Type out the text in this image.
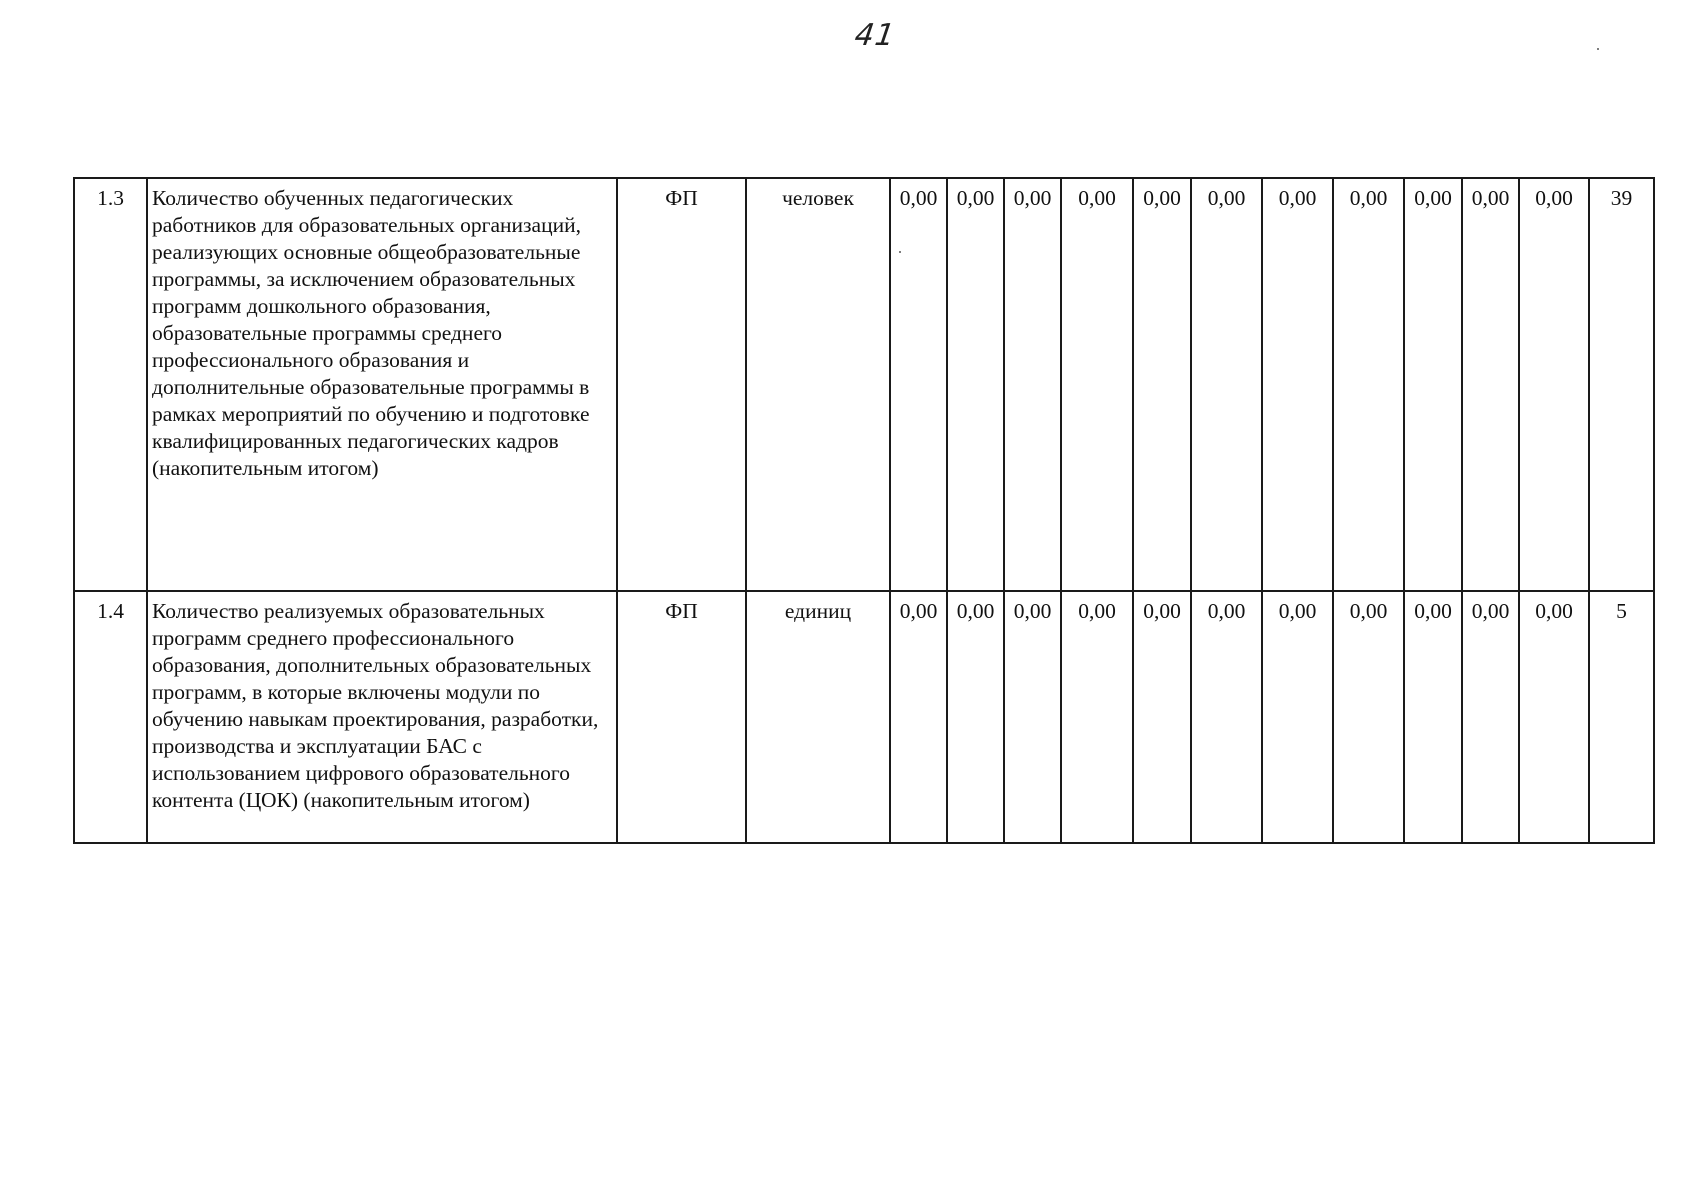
41
1.3	Количество обученных педагогических работников для образовательных организаций, реализующих основные общеобразовательные программы, за исключением образовательных программ дошкольного образования, образовательные программы среднего профессионального образования и дополнительные образовательные программы в рамках мероприятий по обучению и подготовке квалифицированных педагогических кадров (накопительным итогом)	ФП	человек	0,00	0,00	0,00	0,00	0,00	0,00	0,00	0,00	0,00	0,00	0,00	39
1.4	Количество реализуемых образовательных программ среднего профессионального образования, дополнительных образовательных программ, в которые включены модули по обучению навыкам проектирования, разработки, производства и эксплуатации БАС с использованием цифрового образовательного контента (ЦОК) (накопительным итогом)	ФП	единиц	0,00	0,00	0,00	0,00	0,00	0,00	0,00	0,00	0,00	0,00	0,00	5
